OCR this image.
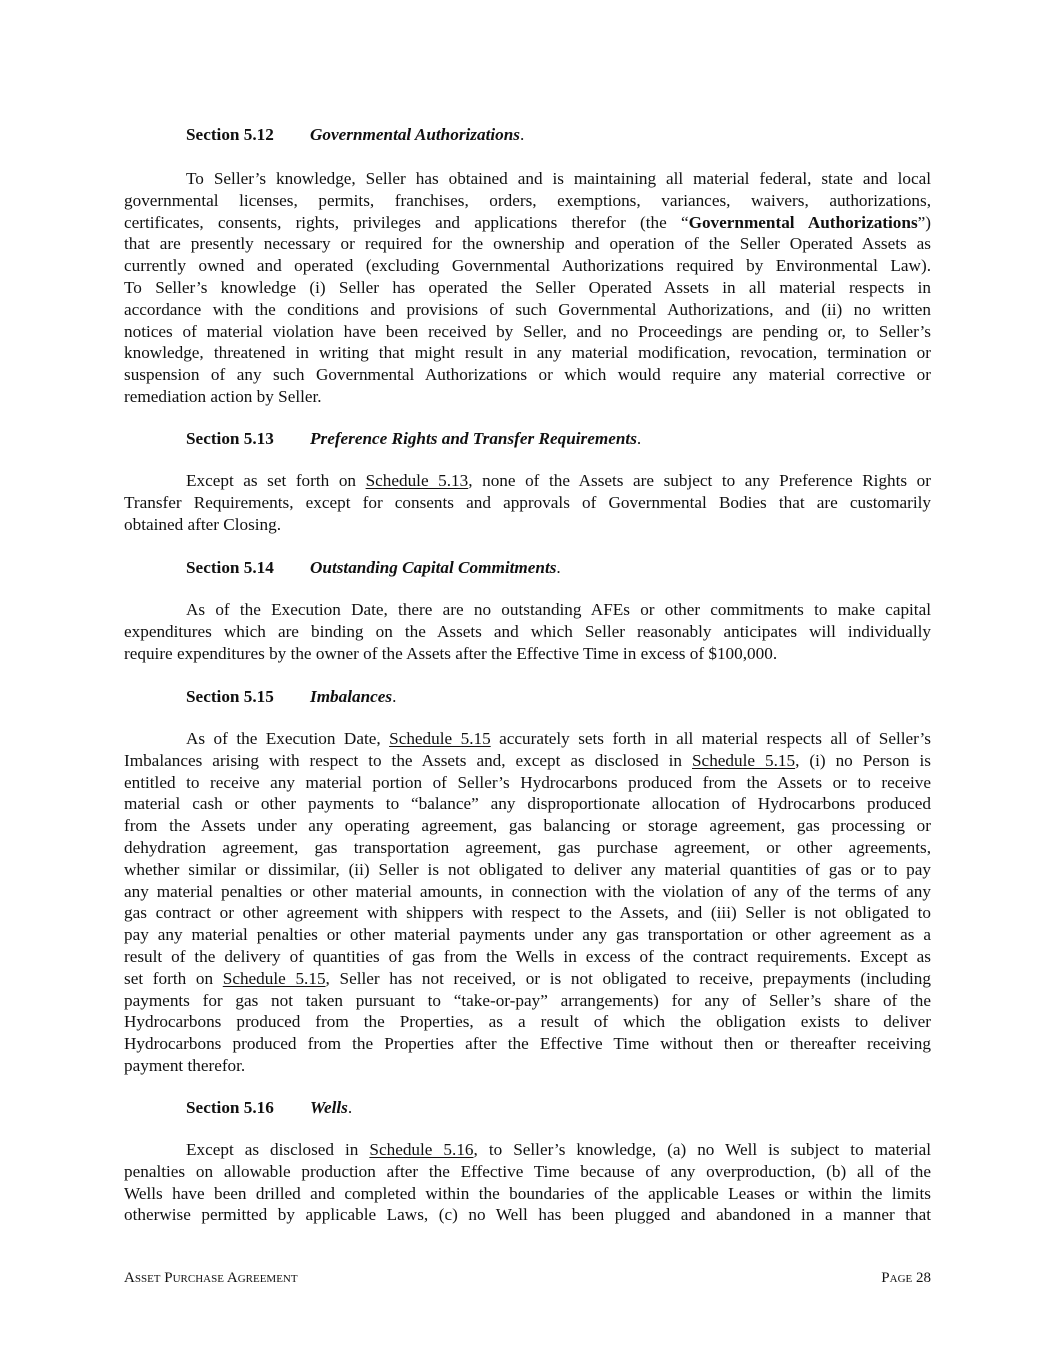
Section 5.12 Governmental Authorizations.
To Seller’s knowledge, Seller has obtained and is maintaining all material federal, state and local
governmental licenses, permits, franchises, orders, exemptions, variances, waivers, authorizations,
certificates, consents, rights, privileges and applications therefor (the “Governmental Authorizations”)
that are presently necessary or required for the ownership and operation of the Seller Operated Assets as
currently owned and operated (excluding Governmental Authorizations required by Environmental Law).
To Seller’s knowledge (i) Seller has operated the Seller Operated Assets in all material respects in
accordance with the conditions and provisions of such Governmental Authorizations, and (ii) no written
notices of material violation have been received by Seller, and no Proceedings are pending or, to Seller’s
knowledge, threatened in writing that might result in any material modification, revocation, termination or
suspension of any such Governmental Authorizations or which would require any material corrective or
remediation action by Seller.
Section 5.13 Preference Rights and Transfer Requirements.
Except as set forth on Schedule 5.13, none of the Assets are subject to any Preference Rights or
Transfer Requirements, except for consents and approvals of Governmental Bodies that are customarily
obtained after Closing.
Section 5.14 Outstanding Capital Commitments.
As of the Execution Date, there are no outstanding AFEs or other commitments to make capital
expenditures which are binding on the Assets and which Seller reasonably anticipates will individually
require expenditures by the owner of the Assets after the Effective Time in excess of $100,000.
Section 5.15 Imbalances.
As of the Execution Date, Schedule 5.15 accurately sets forth in all material respects all of Seller’s
Imbalances arising with respect to the Assets and, except as disclosed in Schedule 5.15, (i) no Person is
entitled to receive any material portion of Seller’s Hydrocarbons produced from the Assets or to receive
material cash or other payments to “balance” any disproportionate allocation of Hydrocarbons produced
from the Assets under any operating agreement, gas balancing or storage agreement, gas processing or
dehydration agreement, gas transportation agreement, gas purchase agreement, or other agreements,
whether similar or dissimilar, (ii) Seller is not obligated to deliver any material quantities of gas or to pay
any material penalties or other material amounts, in connection with the violation of any of the terms of any
gas contract or other agreement with shippers with respect to the Assets, and (iii) Seller is not obligated to
pay any material penalties or other material payments under any gas transportation or other agreement as a
result of the delivery of quantities of gas from the Wells in excess of the contract requirements. Except as
set forth on Schedule 5.15, Seller has not received, or is not obligated to receive, prepayments (including
payments for gas not taken pursuant to “take-or-pay” arrangements) for any of Seller’s share of the
Hydrocarbons produced from the Properties, as a result of which the obligation exists to deliver
Hydrocarbons produced from the Properties after the Effective Time without then or thereafter receiving
payment therefor.
Section 5.16 Wells.
Except as disclosed in Schedule 5.16, to Seller’s knowledge, (a) no Well is subject to material
penalties on allowable production after the Effective Time because of any overproduction, (b) all of the
Wells have been drilled and completed within the boundaries of the applicable Leases or within the limits
otherwise permitted by applicable Laws, (c) no Well has been plugged and abandoned in a manner that
Asset Purchase Agreement	Page 28
